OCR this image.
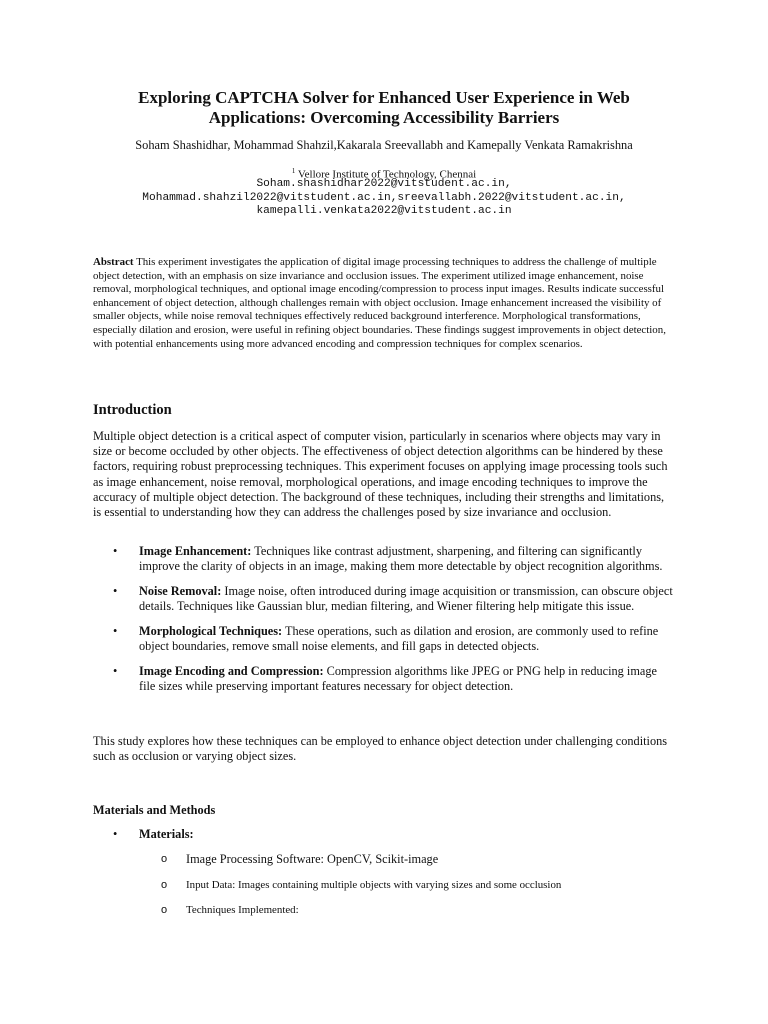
Exploring CAPTCHA Solver for Enhanced User Experience in Web
Applications: Overcoming Accessibility Barriers
Soham Shashidhar, Mohammad Shahzil,Kakarala Sreevallabh and Kamepally Venkata Ramakrishna
$^1$ Vellore Institute of Technology, Chennai
Soham.shashidhar2022@vitstudent.ac.in,
Mohammad.shahzil2022@vitstudent.ac.in,sreevallabh.2022@vitstudent.ac.in,
kamepalli.venkata2022@vitstudent.ac.in
Abstract This experiment investigates the application of digital image processing techniques to address the challenge of multiple object detection, with an emphasis on size invariance and occlusion issues. The experiment utilized image enhancement, noise removal, morphological techniques, and optional image encoding/compression to process input images. Results indicate successful enhancement of object detection, although challenges remain with object occlusion. Image enhancement increased the visibility of smaller objects, while noise removal techniques effectively reduced background interference. Morphological transformations, especially dilation and erosion, were useful in refining object boundaries. These findings suggest improvements in object detection, with potential enhancements using more advanced encoding and compression techniques for complex scenarios.
Introduction
Multiple object detection is a critical aspect of computer vision, particularly in scenarios where objects may vary in size or become occluded by other objects. The effectiveness of object detection algorithms can be hindered by these factors, requiring robust preprocessing techniques. This experiment focuses on applying image processing tools such as image enhancement, noise removal, morphological operations, and image encoding techniques to improve the accuracy of multiple object detection. The background of these techniques, including their strengths and limitations, is essential to understanding how they can address the challenges posed by size invariance and occlusion.
• Image Enhancement: Techniques like contrast adjustment, sharpening, and filtering can significantly improve the clarity of objects in an image, making them more detectable by object recognition algorithms.
• Noise Removal: Image noise, often introduced during image acquisition or transmission, can obscure object details. Techniques like Gaussian blur, median filtering, and Wiener filtering help mitigate this issue.
• Morphological Techniques: These operations, such as dilation and erosion, are commonly used to refine object boundaries, remove small noise elements, and fill gaps in detected objects.
• Image Encoding and Compression: Compression algorithms like JPEG or PNG help in reducing image file sizes while preserving important features necessary for object detection.
This study explores how these techniques can be employed to enhance object detection under challenging conditions such as occlusion or varying object sizes.
Materials and Methods
• Materials:
o Image Processing Software: OpenCV, Scikit-image
o Input Data: Images containing multiple objects with varying sizes and some occlusion
o Techniques Implemented:
